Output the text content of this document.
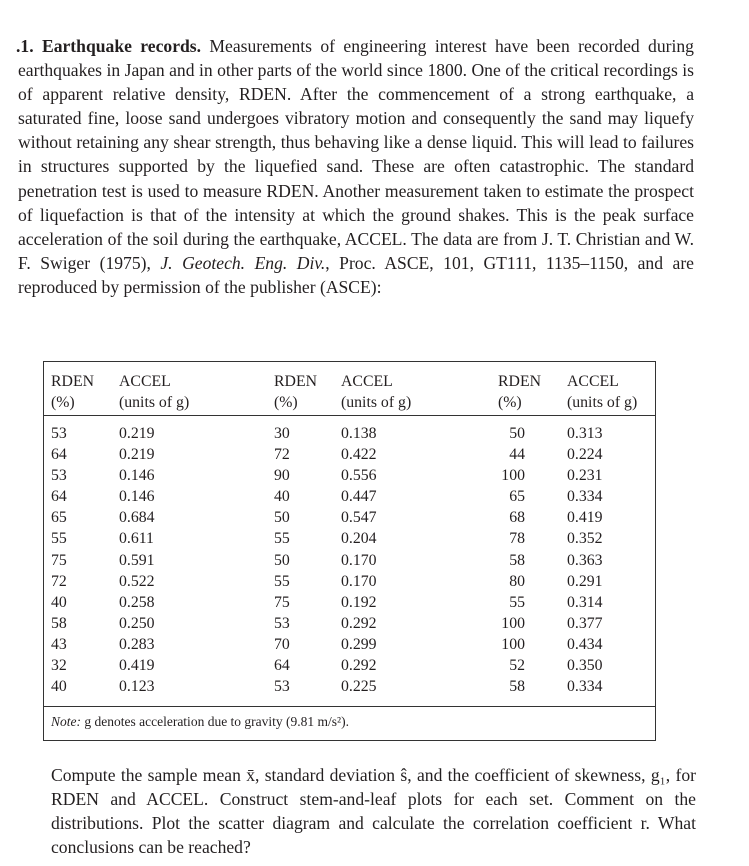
.1. Earthquake records. Measurements of engineering interest have been recorded during earthquakes in Japan and in other parts of the world since 1800. One of the critical recordings is of apparent relative density, RDEN. After the commencement of a strong earthquake, a saturated fine, loose sand undergoes vibratory motion and consequently the sand may liquefy without retaining any shear strength, thus behaving like a dense liquid. This will lead to failures in structures supported by the liquefied sand. These are often catastrophic. The standard penetration test is used to measure RDEN. Another measurement taken to estimate the prospect of liquefaction is that of the intensity at which the ground shakes. This is the peak surface acceleration of the soil during the earthquake, ACCEL. The data are from J. T. Christian and W. F. Swiger (1975), J. Geotech. Eng. Div., Proc. ASCE, 101, GT111, 1135–1150, and are reproduced by permission of the publisher (ASCE):

RDEN
(%)
ACCEL
(units of g)
RDEN
(%)
ACCEL
(units of g)
RDEN
(%)
ACCEL
(units of g)
53
64
53
64
65
55
75
72
40
58
43
32
40
0.219
0.219
0.146
0.146
0.684
0.611
0.591
0.522
0.258
0.250
0.283
0.419
0.123
30
72
90
40
50
55
50
55
75
53
70
64
53
0.138
0.422
0.556
0.447
0.547
0.204
0.170
0.170
0.192
0.292
0.299
0.292
0.225
50
44
100
65
68
78
58
80
55
100
100
52
58
0.313
0.224
0.231
0.334
0.419
0.352
0.363
0.291
0.314
0.377
0.434
0.350
0.334
Note: g denotes acceleration due to gravity (9.81 m/s²).

Compute the sample mean x̄, standard deviation ŝ, and the coefficient of skewness, g₁, for RDEN and ACCEL. Construct stem-and-leaf plots for each set. Comment on the distributions. Plot the scatter diagram and calculate the correlation coefficient r. What conclusions can be reached?
